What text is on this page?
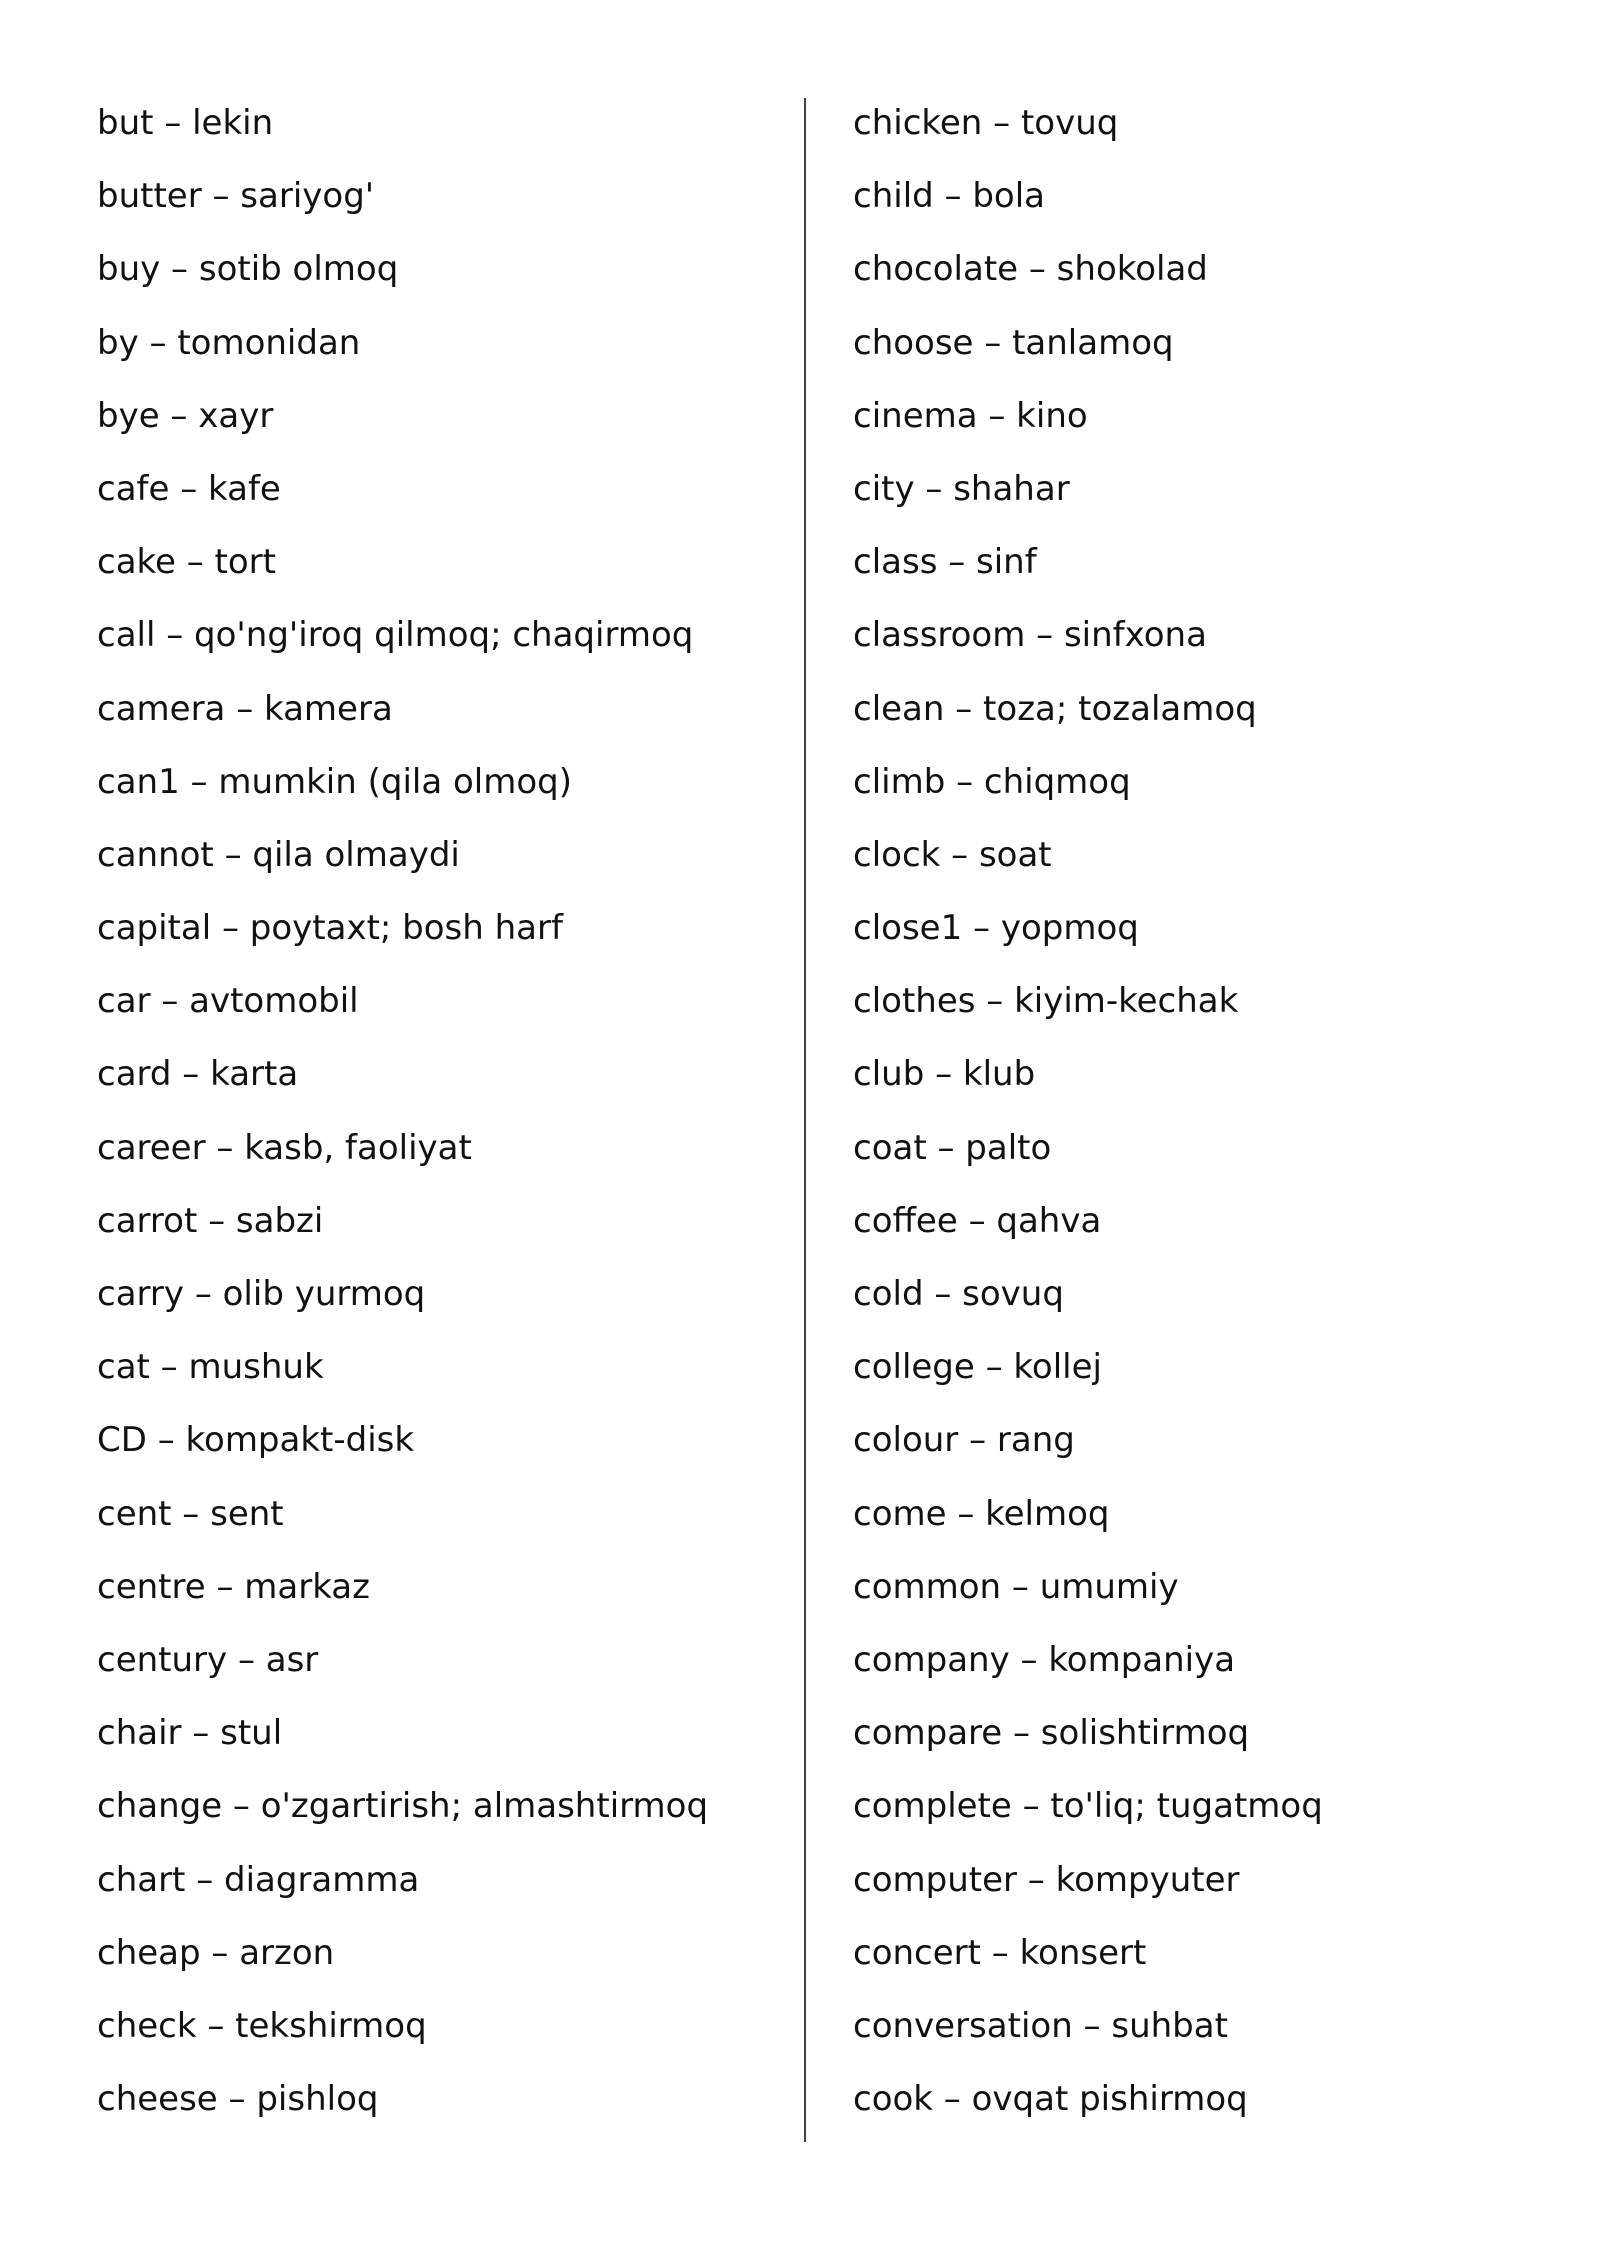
but – lekin
butter – sariyog'
buy – sotib olmoq
by – tomonidan
bye – xayr
cafe – kafe
cake – tort
call – qo'ng'iroq qilmoq; chaqirmoq
camera – kamera
can1 – mumkin (qila olmoq)
cannot – qila olmaydi
capital – poytaxt; bosh harf
car – avtomobil
card – karta
career – kasb, faoliyat
carrot – sabzi
carry – olib yurmoq
cat – mushuk
CD – kompakt-disk
cent – sent
centre – markaz
century – asr
chair – stul
change – o'zgartirish; almashtirmoq
chart – diagramma
cheap – arzon
check – tekshirmoq
cheese – pishloq
chicken – tovuq
child – bola
chocolate – shokolad
choose – tanlamoq
cinema – kino
city – shahar
class – sinf
classroom – sinfxona
clean – toza; tozalamoq
climb – chiqmoq
clock – soat
close1 – yopmoq
clothes – kiyim-kechak
club – klub
coat – palto
coffee – qahva
cold – sovuq
college – kollej
colour – rang
come – kelmoq
common – umumiy
company – kompaniya
compare – solishtirmoq
complete – to'liq; tugatmoq
computer – kompyuter
concert – konsert
conversation – suhbat
cook – ovqat pishirmoq
